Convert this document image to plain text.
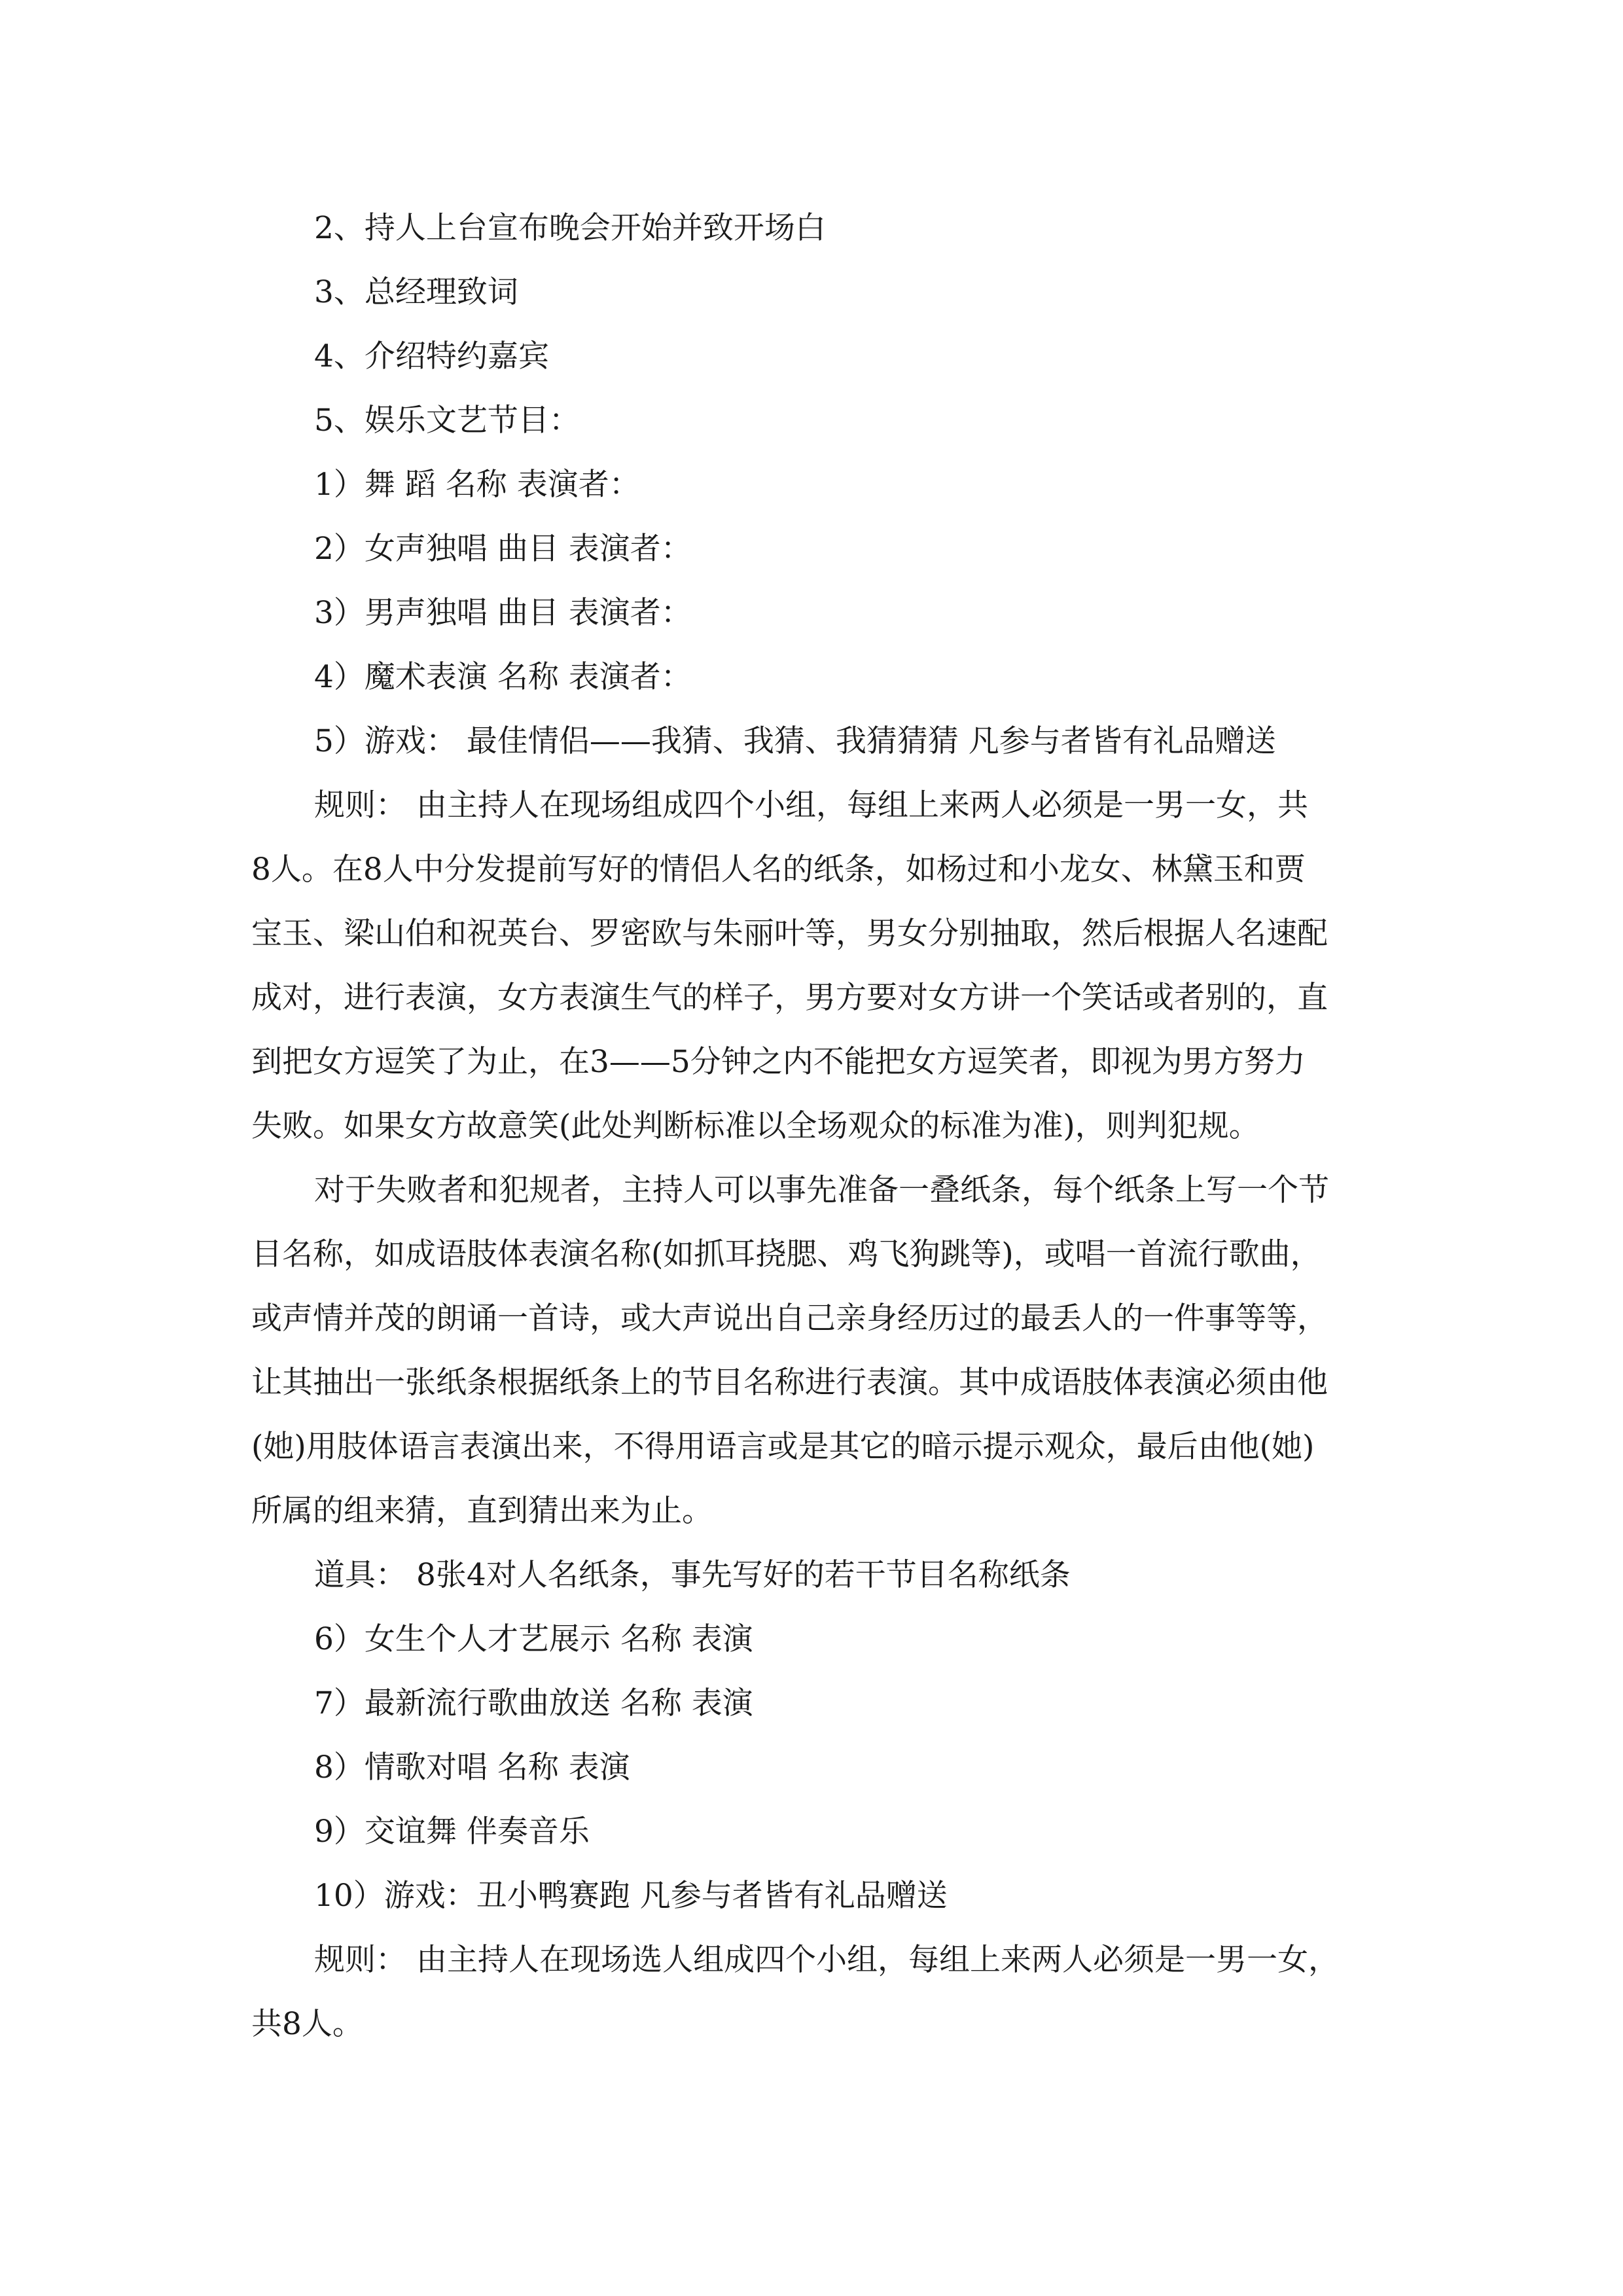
2、持人上台宣布晚会开始并致开场白

3、总经理致词

4、介绍特约嘉宾

5、娱乐文艺节目：

1）舞 蹈 名称 表演者：

2）女声独唱 曲目 表演者：

3）男声独唱 曲目 表演者：

4）魔术表演 名称 表演者：

5）游戏： 最佳情侣——我猜、我猜、我猜猜猜 凡参与者皆有礼品赠送

规则： 由主持人在现场组成四个小组，每组上来两人必须是一男一女，共

8人。在8人中分发提前写好的情侣人名的纸条，如杨过和小龙女、林黛玉和贾

宝玉、梁山伯和祝英台、罗密欧与朱丽叶等，男女分别抽取，然后根据人名速配

成对，进行表演，女方表演生气的样子，男方要对女方讲一个笑话或者别的，直

到把女方逗笑了为止，在3——5分钟之内不能把女方逗笑者，即视为男方努力

失败。如果女方故意笑(此处判断标准以全场观众的标准为准)，则判犯规。

对于失败者和犯规者，主持人可以事先准备一叠纸条，每个纸条上写一个节

目名称，如成语肢体表演名称(如抓耳挠腮、鸡飞狗跳等)，或唱一首流行歌曲，

或声情并茂的朗诵一首诗，或大声说出自己亲身经历过的最丢人的一件事等等，

让其抽出一张纸条根据纸条上的节目名称进行表演。其中成语肢体表演必须由他

(她)用肢体语言表演出来，不得用语言或是其它的暗示提示观众，最后由他(她)

所属的组来猜，直到猜出来为止。

道具： 8张4对人名纸条，事先写好的若干节目名称纸条

6）女生个人才艺展示 名称 表演

7）最新流行歌曲放送 名称 表演

8）情歌对唱 名称 表演

9）交谊舞 伴奏音乐

10）游戏：丑小鸭赛跑 凡参与者皆有礼品赠送

规则： 由主持人在现场选人组成四个小组，每组上来两人必须是一男一女，

共8人。
